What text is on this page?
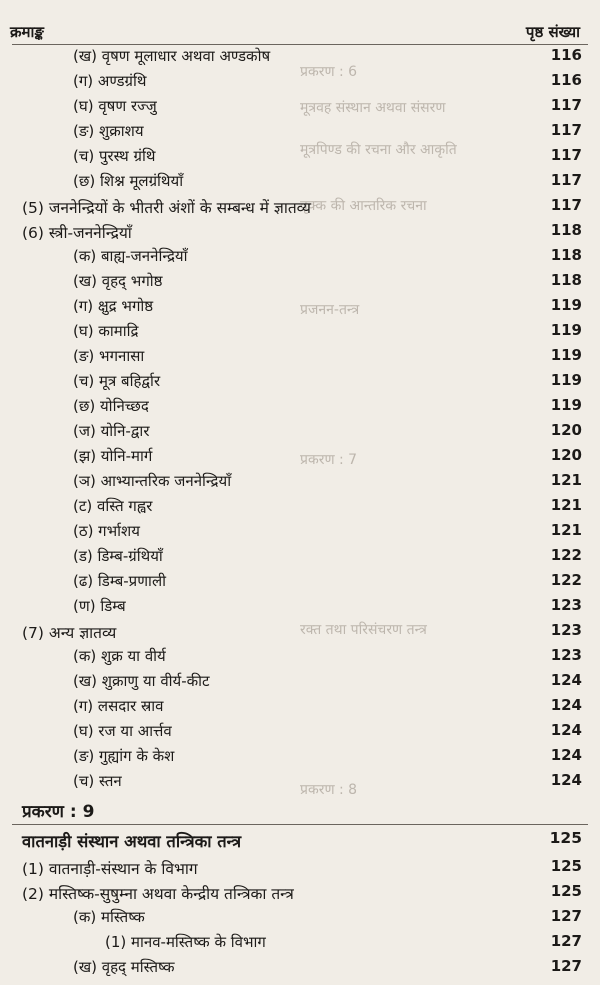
प्रकरण : 6
मूत्रवह संस्थान अथवा संसरण
मूत्रपिण्ड की रचना और आकृति
वृक्क की आन्तरिक रचना
प्रजनन-तन्त्र
प्रकरण : 7
रक्त तथा परिसंचरण तन्त्र
प्रकरण : 8
क्रमाङ्क	पृष्ठ संख्या
(ख) वृषण मूलाधार अथवा अण्डकोष	116
(ग) अण्डग्रंथि	116
(घ) वृषण रज्जु	117
(ङ) शुक्राशय	117
(च) पुरस्थ ग्रंथि	117
(छ) शिश्न मूलग्रंथियाँ	117
(5) जननेन्द्रियों के भीतरी अंशों के सम्बन्ध में ज्ञातव्य	117
(6) स्त्री-जननेन्द्रियाँ	118
(क) बाह्य-जननेन्द्रियाँ	118
(ख) वृहद् भगोष्ठ	118
(ग) क्षुद्र भगोष्ठ	119
(घ) कामाद्रि	119
(ङ) भगनासा	119
(च) मूत्र बहिर्द्वार	119
(छ) योनिच्छद	119
(ज) योनि-द्वार	120
(झ) योनि-मार्ग	120
(ञ) आभ्यान्तरिक जननेन्द्रियाँ	121
(ट) वस्ति गह्वर	121
(ठ) गर्भाशय	121
(ड) डिम्ब-ग्रंथियाँ	122
(ढ) डिम्ब-प्रणाली	122
(ण) डिम्ब	123
(7) अन्य ज्ञातव्य	123
(क) शुक्र या वीर्य	123
(ख) शुक्राणु या वीर्य-कीट	124
(ग) लसदार स्राव	124
(घ) रज या आर्त्तव	124
(ङ) गुह्यांग के केश	124
(च) स्तन	124
प्रकरण : 9
वातनाड़ी संस्थान अथवा तन्त्रिका तन्त्र	125
(1) वातनाड़ी-संस्थान के विभाग	125
(2) मस्तिष्क-सुषुम्ना अथवा केन्द्रीय तन्त्रिका तन्त्र	125
(क) मस्तिष्क	127
(1) मानव-मस्तिष्क के विभाग	127
(ख) वृहद् मस्तिष्क	127
